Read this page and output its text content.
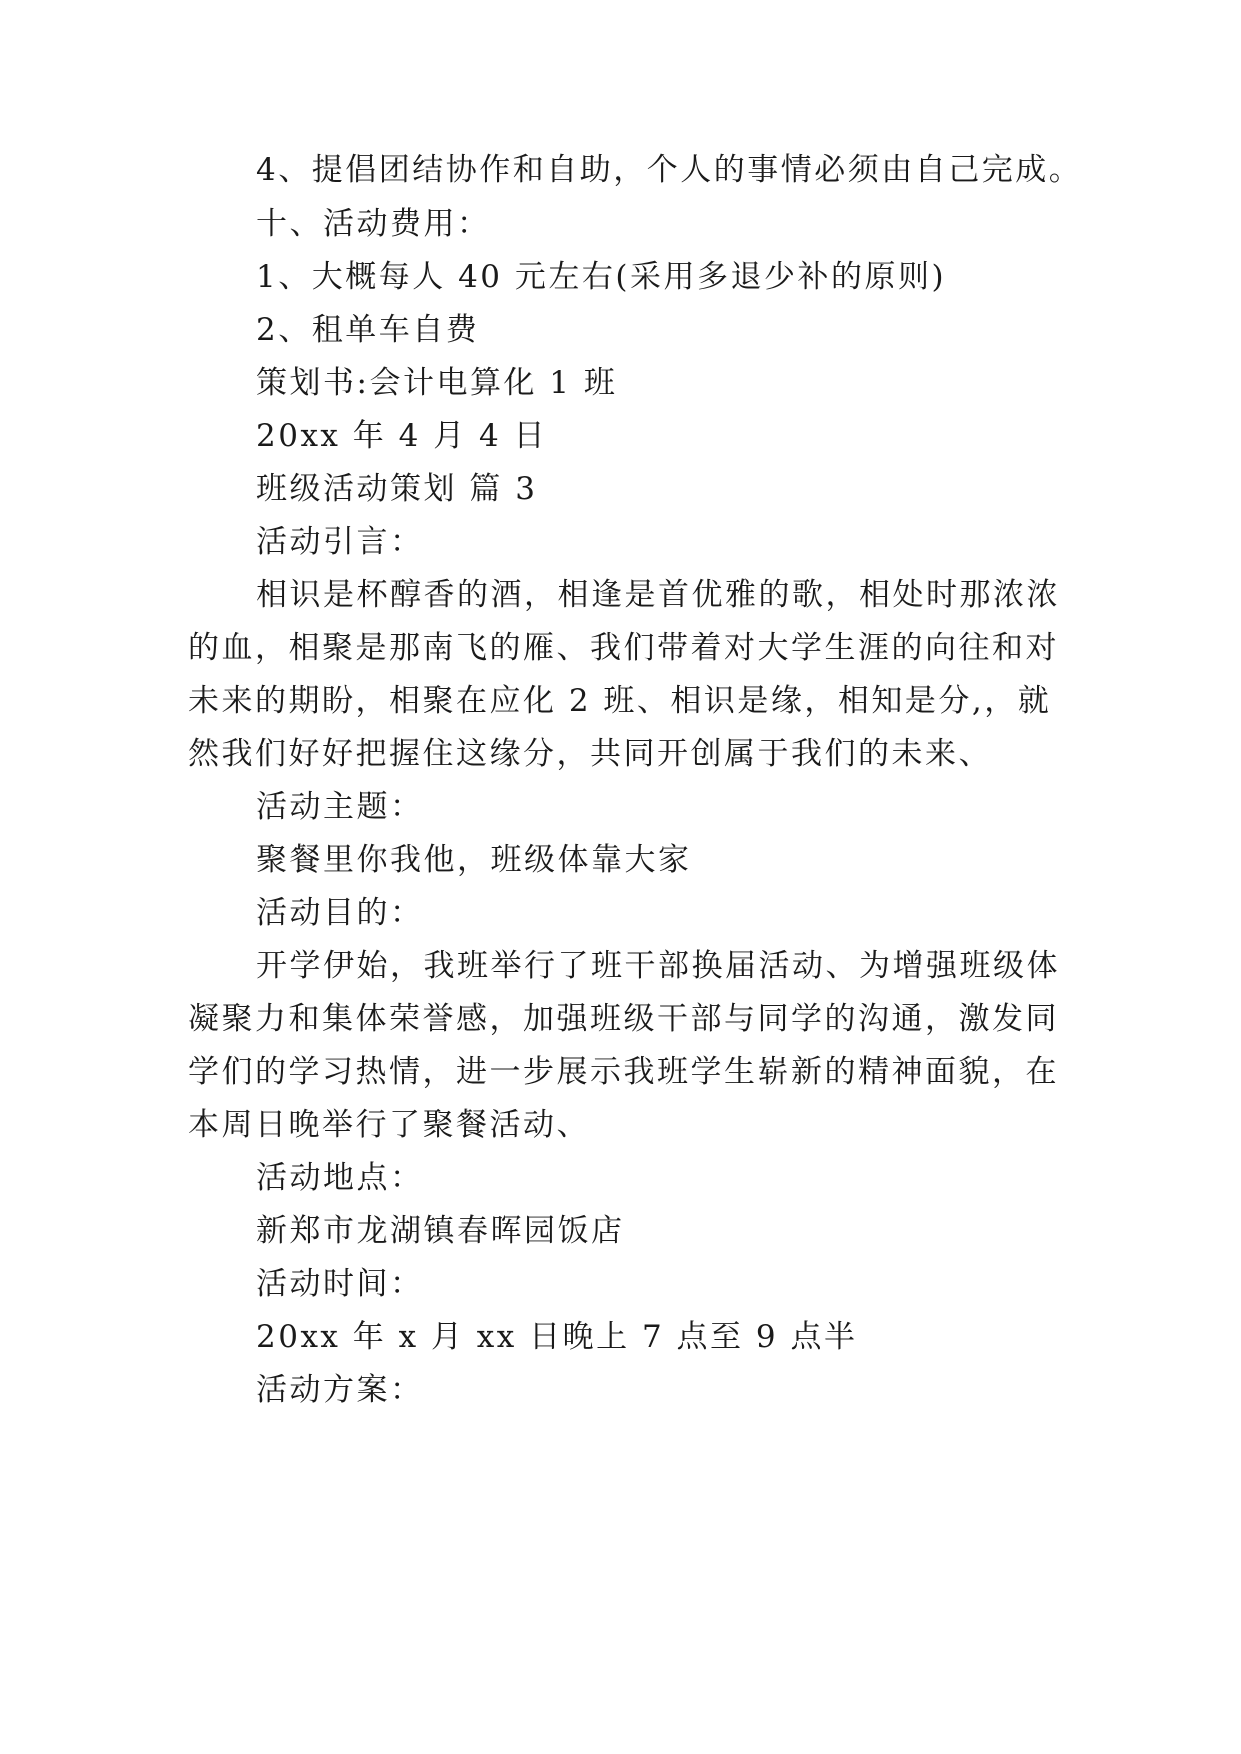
4、提倡团结协作和自助，个人的事情必须由自己完成。
十、活动费用：
1、大概每人 40 元左右(采用多退少补的原则)
2、租单车自费
策划书:会计电算化 1 班
20xx 年 4 月 4 日
班级活动策划 篇 3
活动引言：
相识是杯醇香的酒，相逢是首优雅的歌，相处时那浓浓
的血，相聚是那南飞的雁、我们带着对大学生涯的向往和对
未来的期盼，相聚在应化 2 班、相识是缘，相知是分,，就
然我们好好把握住这缘分，共同开创属于我们的未来、
活动主题：
聚餐里你我他，班级体靠大家
活动目的：
开学伊始，我班举行了班干部换届活动、为增强班级体
凝聚力和集体荣誉感，加强班级干部与同学的沟通，激发同
学们的学习热情，进一步展示我班学生崭新的精神面貌，在
本周日晚举行了聚餐活动、
活动地点：
新郑市龙湖镇春晖园饭店
活动时间：
20xx 年 x 月 xx 日晚上 7 点至 9 点半
活动方案：
